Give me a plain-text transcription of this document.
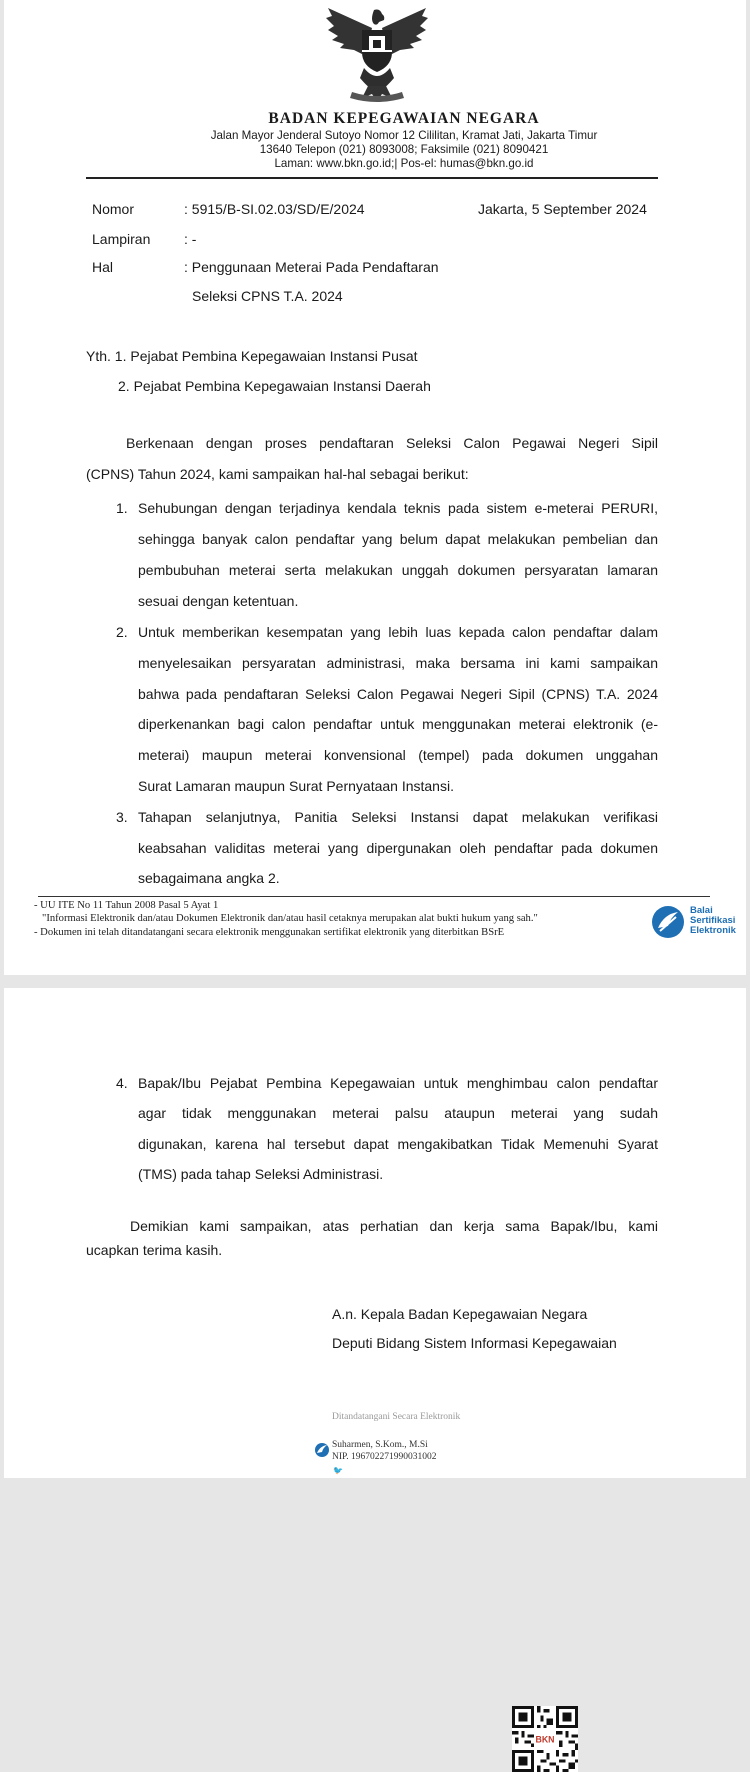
BADAN KEPEGAWAIAN NEGARA
Jalan Mayor Jenderal Sutoyo Nomor 12 Cililitan, Kramat Jati, Jakarta Timur
13640 Telepon (021) 8093008; Faksimile (021) 8090421
Laman: www.bkn.go.id;| Pos-el: humas@bkn.go.id
Nomor	: 5915/B-SI.02.03/SD/E/2024	Jakarta, 5 September 2024
Lampiran : -
Hal	: Penggunaan Meterai Pada Pendaftaran
Seleksi CPNS T.A. 2024
Yth. 1. Pejabat Pembina Kepegawaian Instansi Pusat
2. Pejabat Pembina Kepegawaian Instansi Daerah
Berkenaan dengan proses pendaftaran Seleksi Calon Pegawai Negeri Sipil
(CPNS) Tahun 2024, kami sampaikan hal-hal sebagai berikut:
1. Sehubungan dengan terjadinya kendala teknis pada sistem e-meterai PERURI,
sehingga banyak calon pendaftar yang belum dapat melakukan pembelian dan
pembubuhan meterai serta melakukan unggah dokumen persyaratan lamaran
sesuai dengan ketentuan.
2. Untuk memberikan kesempatan yang lebih luas kepada calon pendaftar dalam
menyelesaikan persyaratan administrasi, maka bersama ini kami sampaikan
bahwa pada pendaftaran Seleksi Calon Pegawai Negeri Sipil (CPNS) T.A. 2024
diperkenankan bagi calon pendaftar untuk menggunakan meterai elektronik (e-
meterai) maupun meterai konvensional (tempel) pada dokumen unggahan
Surat Lamaran maupun Surat Pernyataan Instansi.
3. Tahapan selanjutnya, Panitia Seleksi Instansi dapat melakukan verifikasi
keabsahan validitas meterai yang dipergunakan oleh pendaftar pada dokumen
sebagaimana angka 2.
- UU ITE No 11 Tahun 2008 Pasal 5 Ayat 1
"Informasi Elektronik dan/atau Dokumen Elektronik dan/atau hasil cetaknya merupakan alat bukti hukum yang sah."
- Dokumen ini telah ditandatangani secara elektronik menggunakan sertifikat elektronik yang diterbitkan BSrE
Balai
Sertifikasi
Elektronik
4. Bapak/Ibu Pejabat Pembina Kepegawaian untuk menghimbau calon pendaftar
agar tidak menggunakan meterai palsu ataupun meterai yang sudah
digunakan, karena hal tersebut dapat mengakibatkan Tidak Memenuhi Syarat
(TMS) pada tahap Seleksi Administrasi.
Demikian kami sampaikan, atas perhatian dan kerja sama Bapak/Ibu, kami
ucapkan terima kasih.
A.n. Kepala Badan Kepegawaian Negara
Deputi Bidang Sistem Informasi Kepegawaian
Ditandatangani Secara Elektronik
Suharmen, S.Kom., M.Si
NIP. 196702271990031002
🐦
BKN
